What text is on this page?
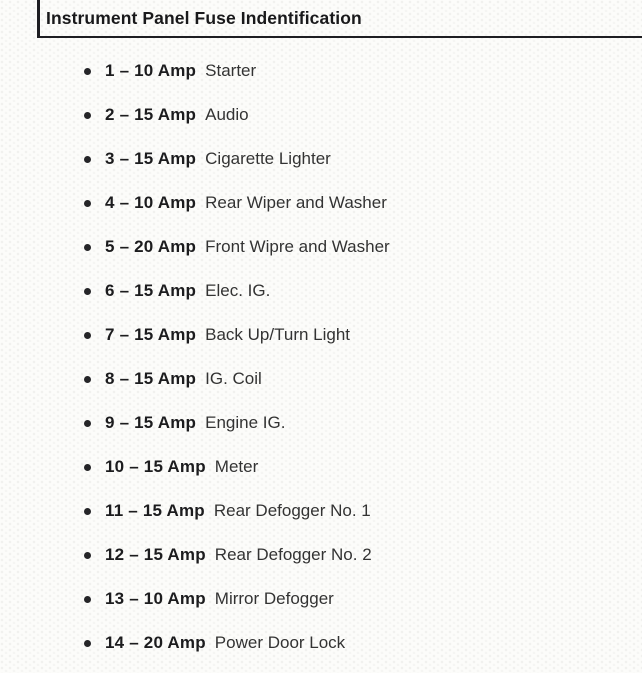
Instrument Panel Fuse Indentification
1 – 10 Amp Starter
2 – 15 Amp Audio
3 – 15 Amp Cigarette Lighter
4 – 10 Amp Rear Wiper and Washer
5 – 20 Amp Front Wipre and Washer
6 – 15 Amp Elec. IG.
7 – 15 Amp Back Up/Turn Light
8 – 15 Amp IG. Coil
9 – 15 Amp Engine IG.
10 – 15 Amp Meter
11 – 15 Amp Rear Defogger No. 1
12 – 15 Amp Rear Defogger No. 2
13 – 10 Amp Mirror Defogger
14 – 20 Amp Power Door Lock
